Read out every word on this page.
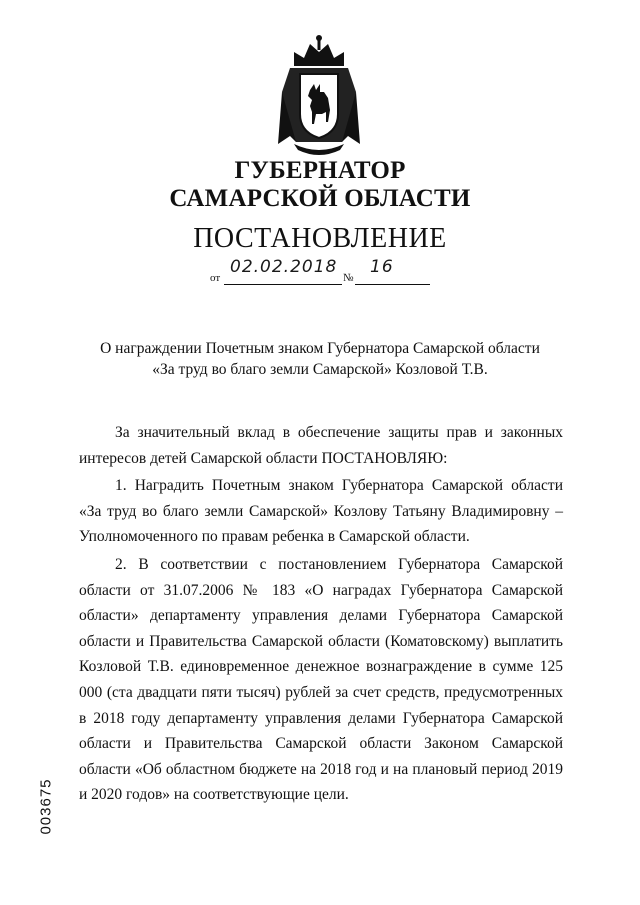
ГУБЕРНАТОР
САМАРСКОЙ ОБЛАСТИ
ПОСТАНОВЛЕНИЕ
от
02.02.2018
№
16
О награждении Почетным знаком Губернатора Самарской области
«За труд во благо земли Самарской» Козловой Т.В.

За значительный вклад в обеспечение защиты прав и законных интересов детей Самарской области ПОСТАНОВЛЯЮ:

1. Наградить Почетным знаком Губернатора Самарской области «За труд во благо земли Самарской» Козлову Татьяну Владимировну – Уполномоченного по правам ребенка в Самарской области.

2. В соответствии с постановлением Губернатора Самарской области от 31.07.2006 № 183 «О наградах Губернатора Самарской области» департаменту управления делами Губернатора Самарской области и Правительства Самарской области (Коматовскому) выплатить Козловой Т.В. единовременное денежное вознаграждение в сумме 125 000 (ста двадцати пяти тысяч) рублей за счет средств, предусмотренных в 2018 году департаменту управления делами Губернатора Самарской области и Правительства Самарской области Законом Самарской области «Об областном бюджете на 2018 год и на плановый период 2019 и 2020 годов» на соответствующие цели.

003675
